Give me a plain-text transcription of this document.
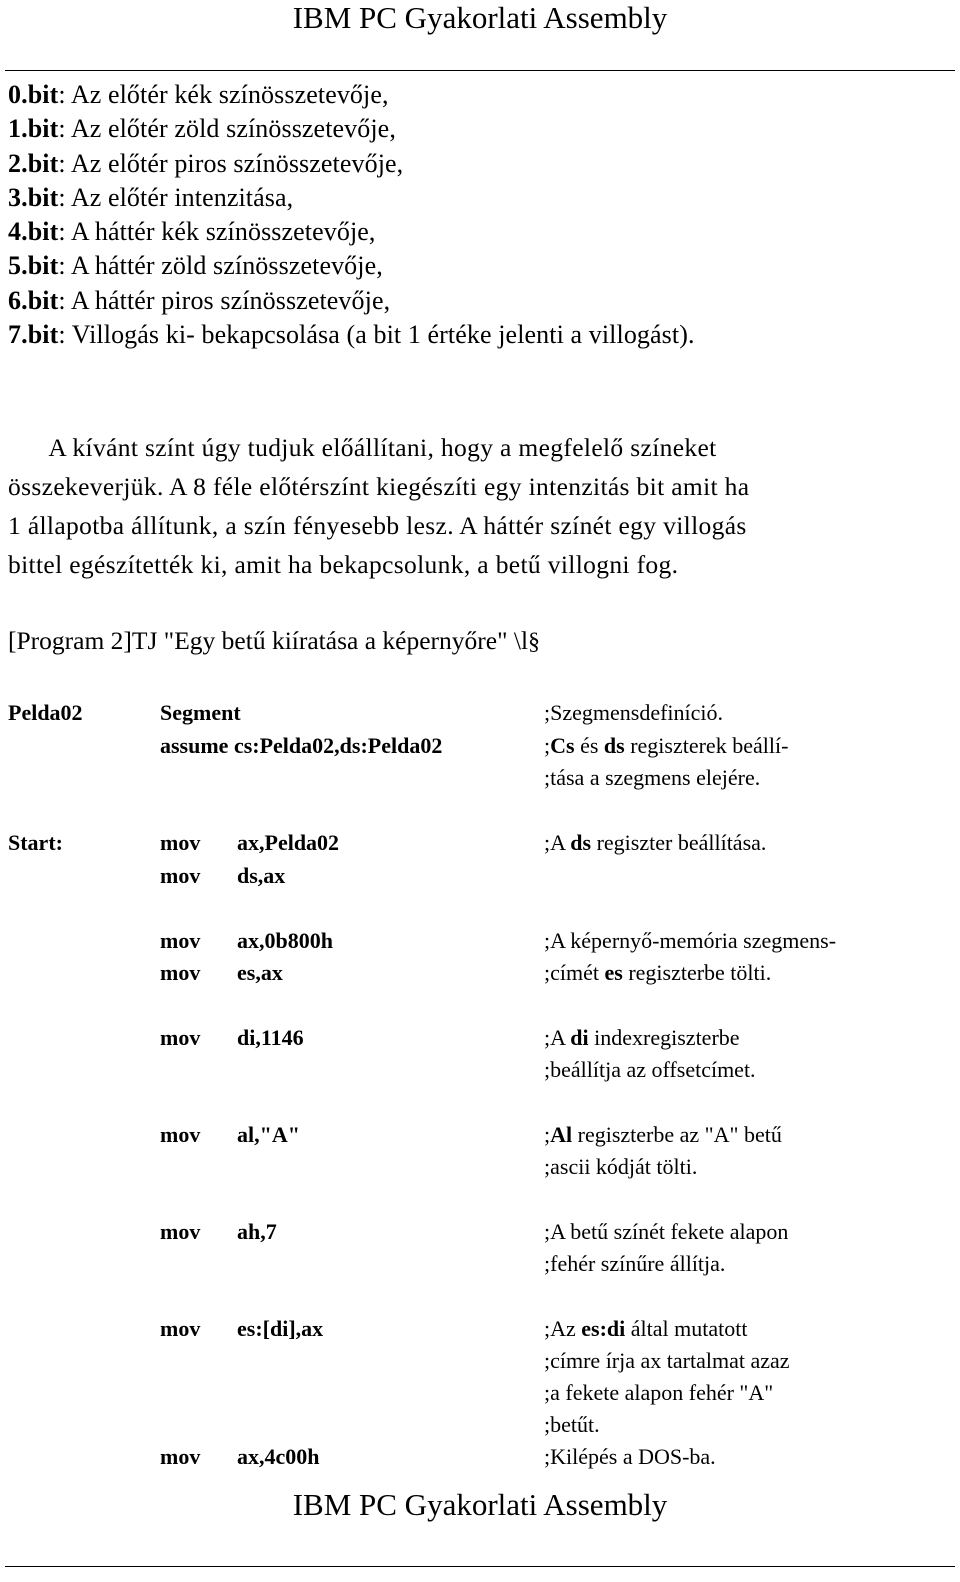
IBM PC Gyakorlati Assembly
0.bit: Az előtér kék színösszetevője,
1.bit: Az előtér zöld színösszetevője,
2.bit: Az előtér piros színösszetevője,
3.bit: Az előtér intenzitása,
4.bit: A háttér kék színösszetevője,
5.bit: A háttér zöld színösszetevője,
6.bit: A háttér piros színösszetevője,
7.bit: Villogás ki- bekapcsolása (a bit 1 értéke jelenti a villogást).

A kívánt színt úgy tudjuk előállítani, hogy a megfelelő színeket

összekeverjük. A 8 féle előtérszínt kiegészíti egy intenzitás bit amit ha

1 állapotba állítunk, a szín fényesebb lesz. A háttér színét egy villogás

bittel egészítették ki, amit ha bekapcsolunk, a betű villogni fog.

[Program 2]TJ "Egy betű kiíratása a képernyőre" \l§
Pelda02	Segment	;Szegmensdefiníció.
assume cs:Pelda02,ds:Pelda02	;Cs és ds regiszterek beállí-
;tása a szegmens elejére.
Start:	mov ax,Pelda02	;A ds regiszter beállítása.
mov ds,ax
mov ax,0b800h	;A képernyő-memória szegmens-
mov es,ax	;címét es regiszterbe tölti.
mov di,1146	;A di indexregiszterbe
;beállítja az offsetcímet.
mov al,"A"	;Al regiszterbe az "A" betű
;ascii kódját tölti.
mov ah,7	;A betű színét fekete alapon
;fehér színűre állítja.
mov es:[di],ax	;Az es:di által mutatott
;címre írja ax tartalmat azaz
;a fekete alapon fehér "A"
;betűt.
mov ax,4c00h	;Kilépés a DOS-ba.
IBM PC Gyakorlati Assembly
